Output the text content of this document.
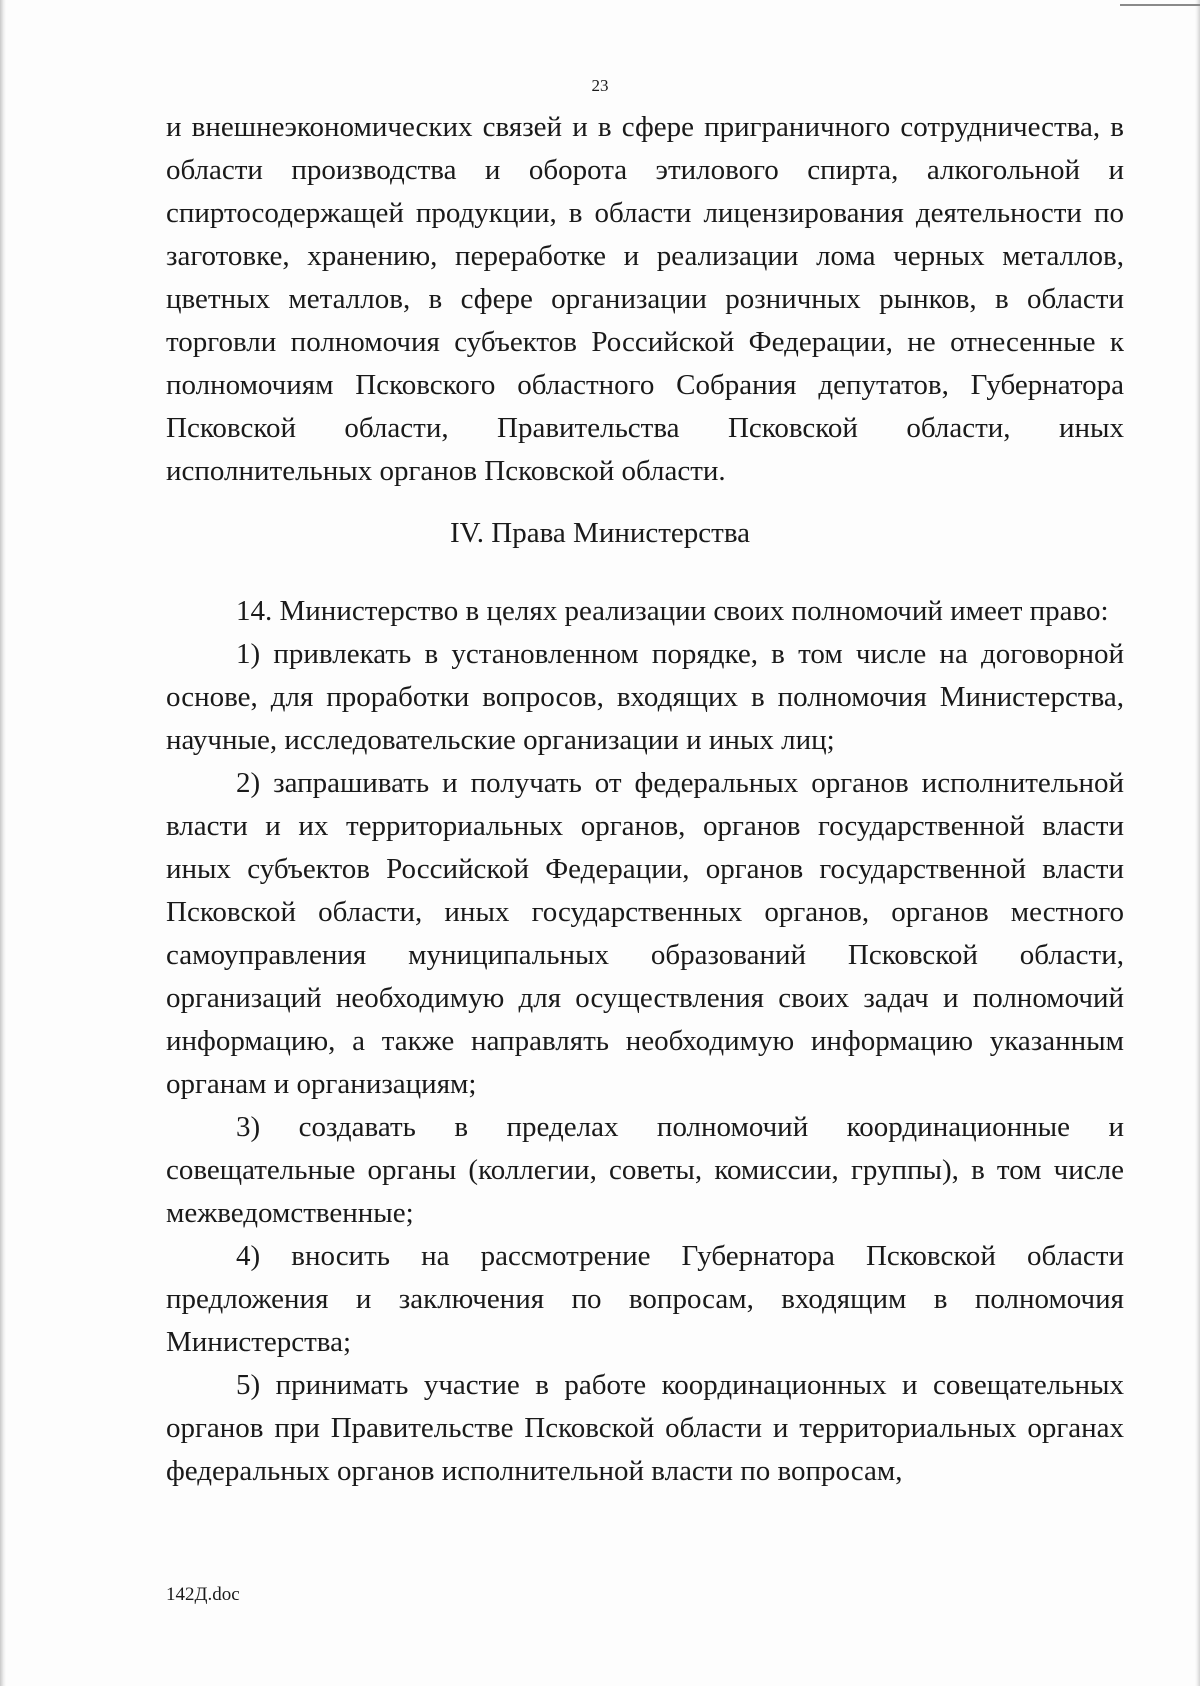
23

и внешнеэкономических связей и в сфере приграничного сотрудничества, в области производства и оборота этилового спирта, алкогольной и спиртосодержащей продукции, в области лицензирования деятельности по заготовке, хранению, переработке и реализации лома черных металлов, цветных металлов, в сфере организации розничных рынков, в области торговли полномочия субъектов Российской Федерации, не отнесенные к полномочиям Псковского областного Собрания депутатов, Губернатора Псковской области, Правительства Псковской области, иных исполнительных органов Псковской области.

IV. Права Министерства

14. Министерство в целях реализации своих полномочий имеет право:

1) привлекать в установленном порядке, в том числе на договорной основе, для проработки вопросов, входящих в полномочия Министерства, научные, исследовательские организации и иных лиц;

2) запрашивать и получать от федеральных органов исполнительной власти и их территориальных органов, органов государственной власти иных субъектов Российской Федерации, органов государственной власти Псковской области, иных государственных органов, органов местного самоуправления муниципальных образований Псковской области, организаций необходимую для осуществления своих задач и полномочий информацию, а также направлять необходимую информацию указанным органам и организациям;

3) создавать в пределах полномочий координационные и совещательные органы (коллегии, советы, комиссии, группы), в том числе межведомственные;

4) вносить на рассмотрение Губернатора Псковской области предложения и заключения по вопросам, входящим в полномочия Министерства;

5) принимать участие в работе координационных и совещательных органов при Правительстве Псковской области и территориальных органах федеральных органов исполнительной власти по вопросам,

142Д.doc
